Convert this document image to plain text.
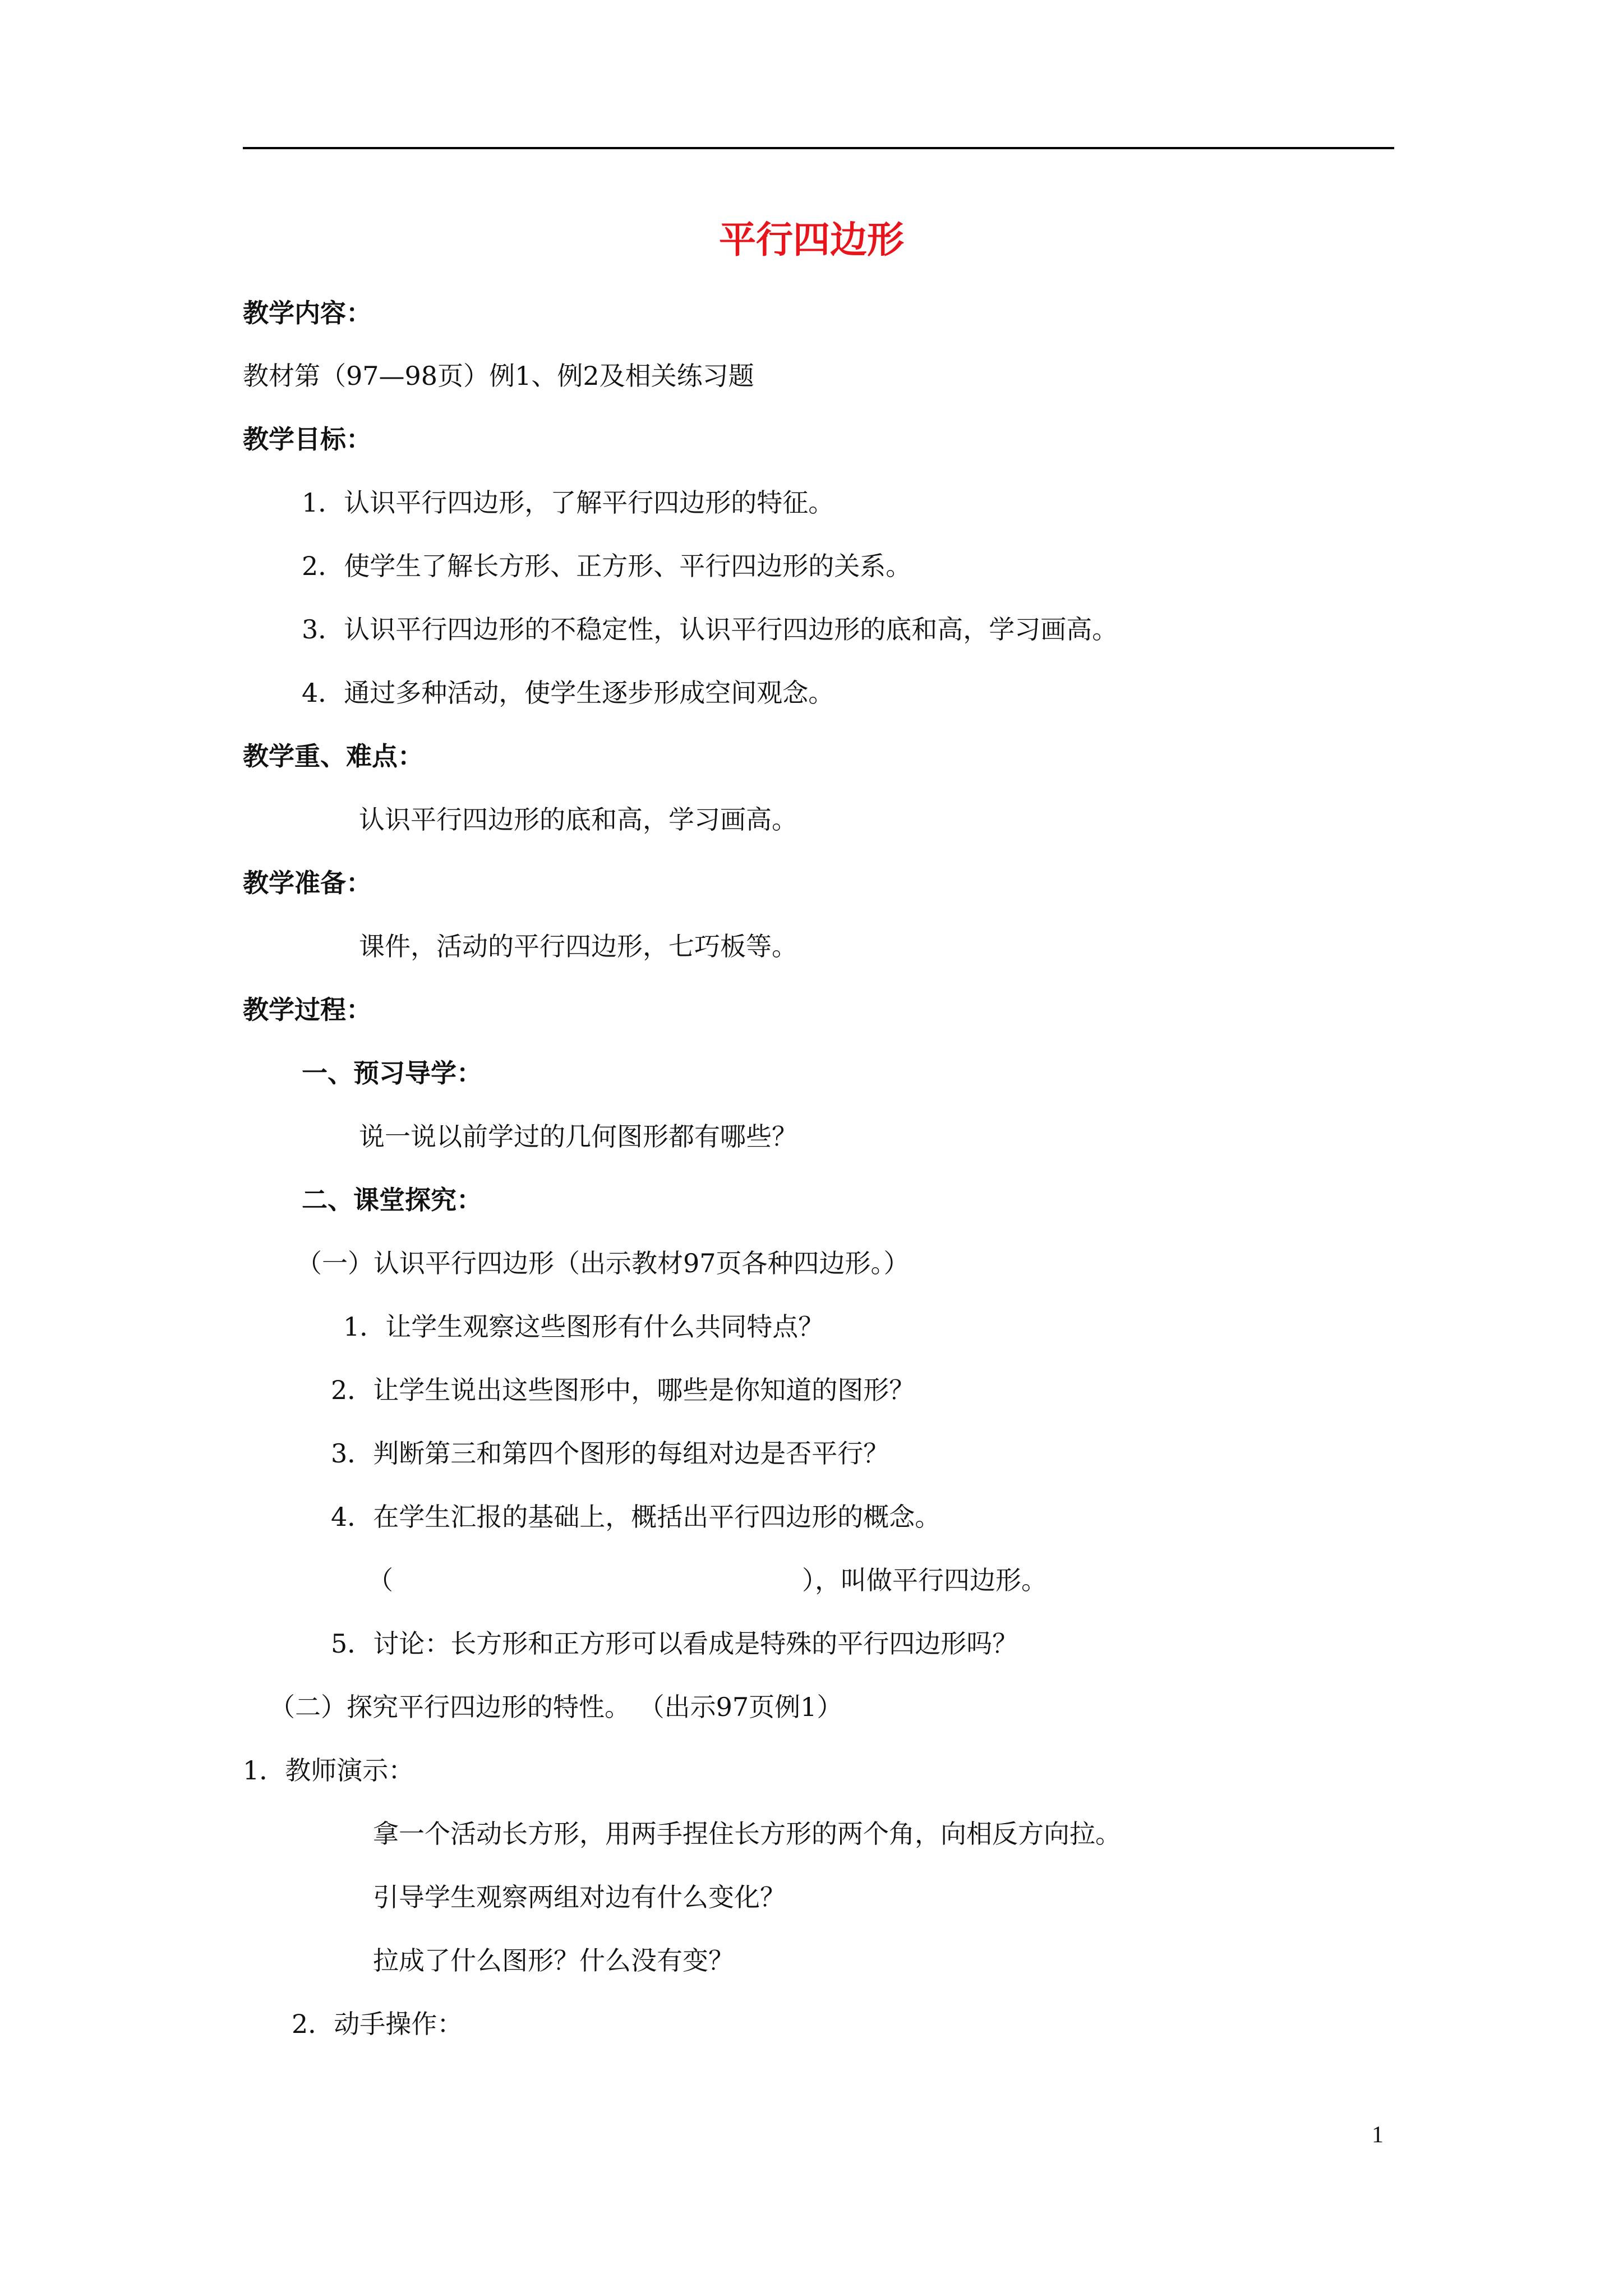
平行四边形
教学内容：
教材第（97—98页）例1、例2及相关练习题
教学目标：
1．认识平行四边形，了解平行四边形的特征。
2．使学生了解长方形、正方形、平行四边形的关系。
3．认识平行四边形的不稳定性，认识平行四边形的底和高，学习画高。
4．通过多种活动，使学生逐步形成空间观念。
教学重、难点：
认识平行四边形的底和高，学习画高。
教学准备：
课件，活动的平行四边形，七巧板等。
教学过程：
一、预习导学：
说一说以前学过的几何图形都有哪些？
二、课堂探究：
（一）认识平行四边形（出示教材97页各种四边形。）
1．让学生观察这些图形有什么共同特点？
2．让学生说出这些图形中，哪些是你知道的图形？
3．判断第三和第四个图形的每组对边是否平行？
4．在学生汇报的基础上，概括出平行四边形的概念。
（	），叫做平行四边形。
5．讨论：长方形和正方形可以看成是特殊的平行四边形吗？
（二）探究平行四边形的特性。 （出示97页例1）
1．教师演示：
拿一个活动长方形，用两手捏住长方形的两个角，向相反方向拉。
引导学生观察两组对边有什么变化？
拉成了什么图形？什么没有变？
2．动手操作：
1
